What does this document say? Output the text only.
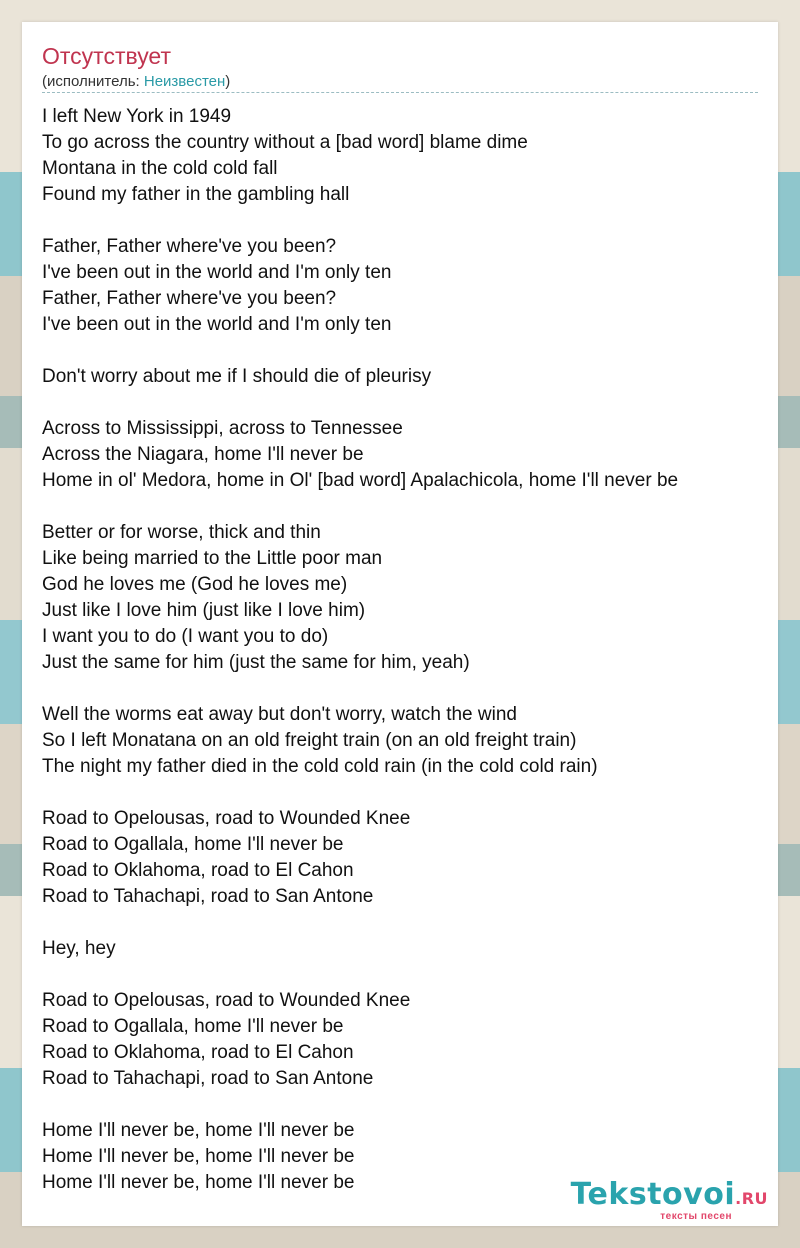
Отсутствует
(исполнитель: Неизвестен)
I left New York in 1949
To go across the country without a [bad word] blame dime
Montana in the cold cold fall
Found my father in the gambling hall
Father, Father where've you been?
I've been out in the world and I'm only ten
Father, Father where've you been?
I've been out in the world and I'm only ten
Don't worry about me if I should die of pleurisy
Across to Mississippi, across to Tennessee
Across the Niagara, home I'll never be
Home in ol' Medora, home in Ol' [bad word] Apalachicola, home I'll never be
Better or for worse, thick and thin
Like being married to the Little poor man
God he loves me (God he loves me)
Just like I love him (just like I love him)
I want you to do (I want you to do)
Just the same for him (just the same for him, yeah)
Well the worms eat away but don't worry, watch the wind
So I left Monatana on an old freight train (on an old freight train)
The night my father died in the cold cold rain (in the cold cold rain)
Road to Opelousas, road to Wounded Knee
Road to Ogallala, home I'll never be
Road to Oklahoma, road to El Cahon
Road to Tahachapi, road to San Antone
Hey, hey
Road to Opelousas, road to Wounded Knee
Road to Ogallala, home I'll never be
Road to Oklahoma, road to El Cahon
Road to Tahachapi, road to San Antone
Home I'll never be, home I'll never be
Home I'll never be, home I'll never be
Home I'll never be, home I'll never be	Tekstovoi.RU
тексты песен
